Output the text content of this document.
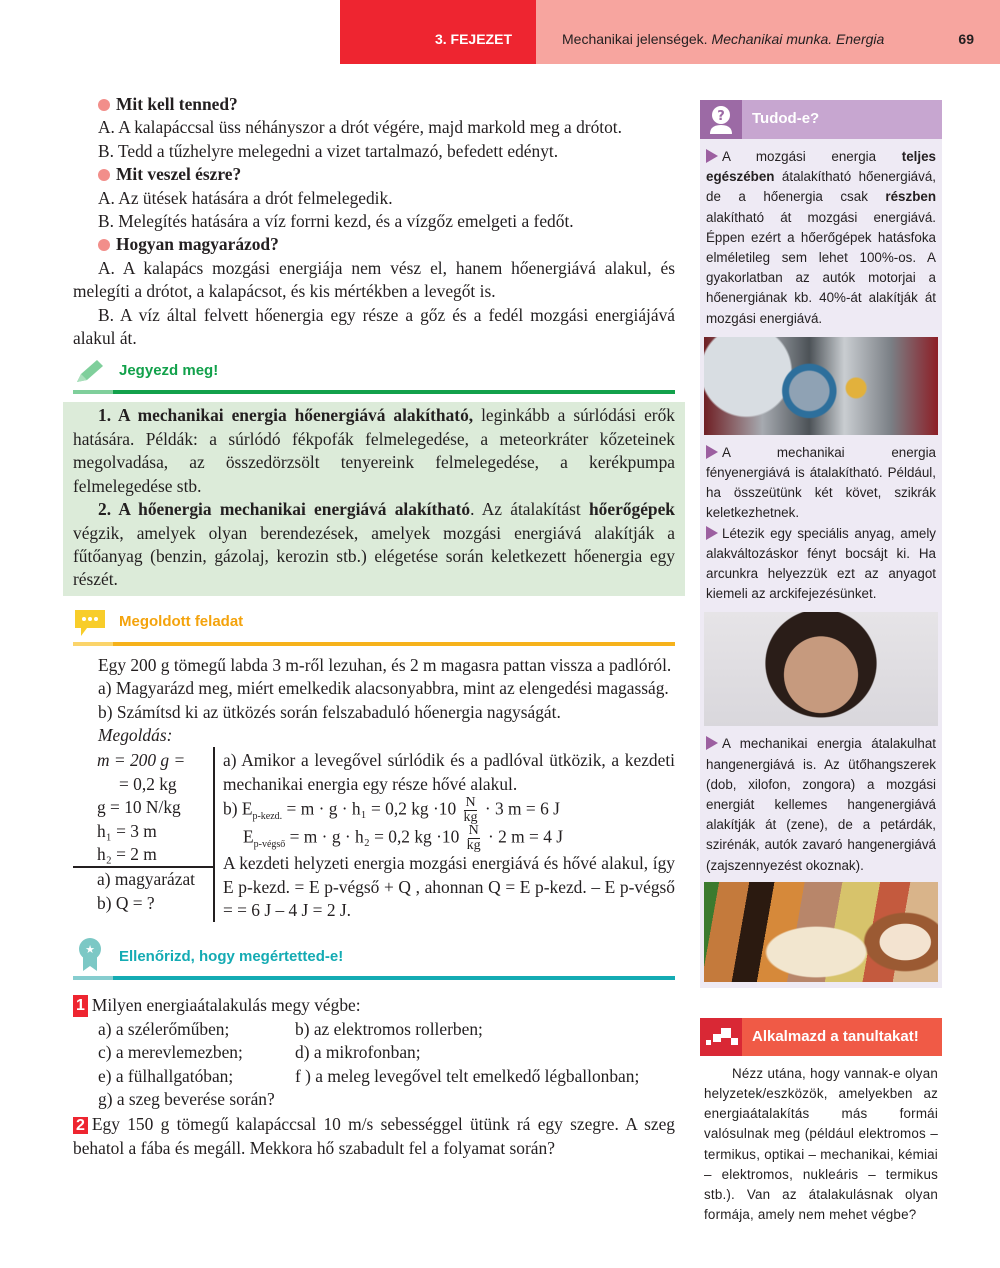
3. FEJEZET	Mechanikai jelenségek. Mechanikai munka. Energia	69
Mit kell tenned?

A. A kalapáccsal üss néhányszor a drót végére, majd markold meg a drótot.

B. Tedd a tűzhelyre melegedni a vizet tartalmazó, befedett edényt.

Mit veszel észre?

A. Az ütések hatására a drót felmelegedik.

B. Melegítés hatására a víz forrni kezd, és a vízgőz emelgeti a fedőt.

Hogyan magyarázod?

A. A kalapács mozgási energiája nem vész el, hanem hőenergiává alakul, és melegíti a drótot, a kalapácsot, és kis mértékben a levegőt is.

B. A víz által felvett hőenergia egy része a gőz és a fedél mozgási energiájává alakul át.

Jegyezd meg!

1. A mechanikai energia hőenergiává alakítható, leginkább a súrlódási erők hatására. Példák: a súrlódó fékpofák felmelegedése, a meteorkráter kőzeteinek megolvadása, az összedörzsölt tenyereink felmelegedése, a kerékpumpa felmelegedése stb.

2. A hőenergia mechanikai energiává alakítható. Az átalakítást hőerőgépek végzik, amelyek olyan berendezések, amelyek mozgási energiává alakítják a fűtőanyag (benzin, gázolaj, kerozin stb.) elégetése során keletkezett hőenergia egy részét.

Megoldott feladat

Egy 200 g tömegű labda 3 m-ről lezuhan, és 2 m magasra pattan vissza a padlóról.

a) Magyarázd meg, miért emelkedik alacsonyabbra, mint az elengedési magasság.

b) Számítsd ki az ütközés során felszabaduló hőenergia nagyságát.

Megoldás:

m = 200 g =
= 0,2 kg
g = 10 N/kg
h₁ = 3 m
h₂ = 2 m
a) magyarázat
b) Q = ?

a) Amikor a levegővel súrlódik és a padlóval ütközik, a kezdeti mechanikai energia egy része hővé alakul.

b) $E_{p-kezd.} = m \cdot g \cdot h_1 = 0,2$ kg $\cdot 10 \frac{N}{kg} \cdot 3$ m = 6 J
$E_{p-végső} = m \cdot g \cdot h_2 = 0,2$ kg $\cdot 10 \frac{N}{kg} \cdot 2$ m = 4 J

A kezdeti helyzeti energia mozgási energiává és hővé alakul, így E p-kezd. = E p-végső + Q , ahonnan Q = E p-kezd. – E p-végső = = 6 J – 4 J = 2 J.

★ Ellenőrizd, hogy megértetted-e!
1 Milyen energiaátalakulás megy végbe:
a) a szélerőműben;	b) az elektromos rollerben;
c) a merevlemezben;	d) a mikrofonban;
e) a fülhallgatóban;	f ) a meleg levegővel telt emelkedő légballonban;
g) a szeg beverése során?

2 Egy 150 g tömegű kalapáccsal 10 m/s sebességgel ütünk rá egy szegre. A szeg behatol a fába és megáll. Mekkora hő szabadult fel a folyamat során?

?	Tudod-e?

A mozgási energia teljes egészében átalakítható hőenergiává, de a hőenergia csak részben alakítható át mozgási energiává. Éppen ezért a hőerőgépek hatásfoka elméletileg sem lehet 100%-os. A gyakorlatban az autók motorjai a hőenergiának kb. 40%-át alakítják át mozgási energiává.

A mechanikai energia fényenergiává is átalakítható. Például, ha összeütünk két követ, szikrák keletkezhetnek.

Létezik egy speciális anyag, amely alakváltozáskor fényt bocsájt ki. Ha arcunkra helyezzük ezt az anyagot kiemeli az arckifejezésünket.

A mechanikai energia átalakulhat hangenergiává is. Az ütőhangszerek (dob, xilofon, zongora) a mozgási energiát kellemes hangenergiává alakítják át (zene), de a petárdák, szirénák, autók zavaró hangenergiává (zajszennyezést okoznak).

Alkalmazd a tanultakat!

Nézz utána, hogy vannak-e olyan helyzetek/eszközök, amelyekben az energiaátalakítás más formái valósulnak meg (például elektromos – termikus, optikai – mechanikai, kémiai – elektromos, nukleáris – termikus stb.). Van az átalakulásnak olyan formája, amely nem mehet végbe?
